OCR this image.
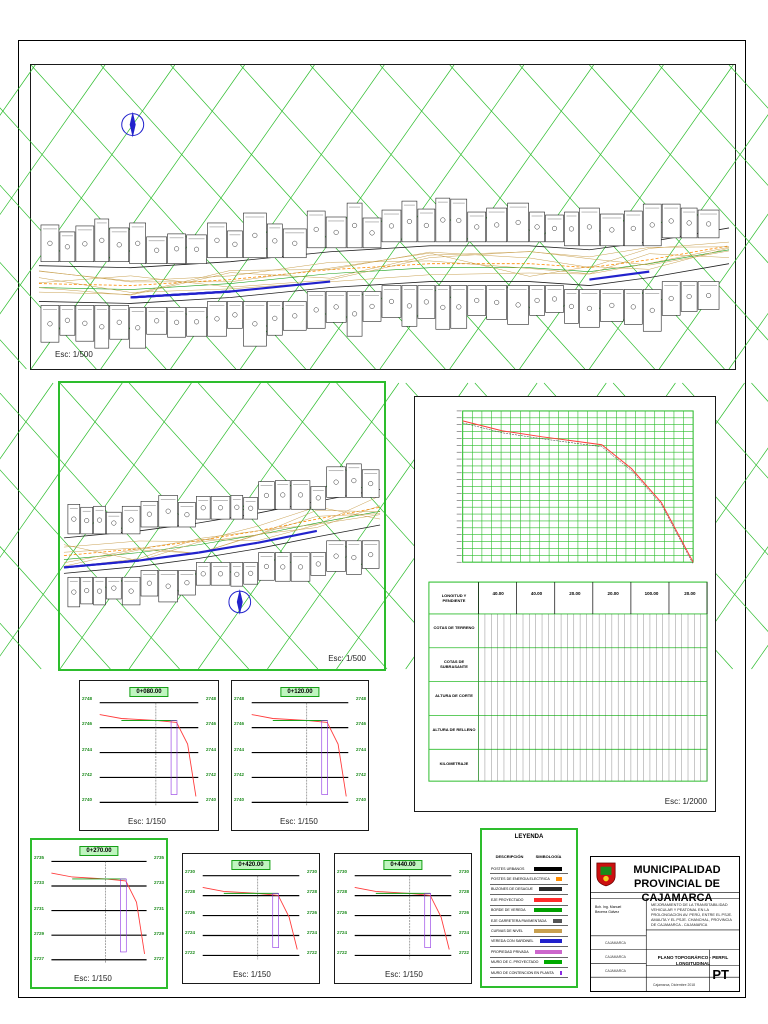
Esc: 1/500
Esc: 1/500
Esc: 1/2000
LONGITUD Y PENDIENTE
COTAS DE TERRENO
COTAS DE SUBRASANTE
ALTURA DE CORTE
ALTURA DE RELLENO
KILOMETRAJE
40.00	40.00	20.00	20.00	100.00	20.00
0+080.00
Esc: 1/150
2748	2748
2746	2746
2744	2744
2742	2742
2740	2740
0+120.00
Esc: 1/150
2748	2748
2746	2746
2744	2744
2742	2742
2740	2740
0+270.00
Esc: 1/150
2735	2735
2733	2733
2731	2731
2729	2729
2727	2727
0+420.00
Esc: 1/150
2730	2730
2728	2728
2726	2726
2724	2724
2722	2722
0+440.00
Esc: 1/150
2730	2730
2728	2728
2726	2726
2724	2724
2722	2722
LEYENDA
DESCRIPCIÓN	SIMBOLOGÍA
POSTES URBANOS
POSTES DE ENERGIA ELECTRICA
BUZONES DE DESAGUE
EJE PROYECTADO
BORDE DE VEREDA
EJE CARRETERA PAVIMENTADA
CURVAS DE NIVEL
VEREDA CON SARDINEL
PROPIEDAD PRIVADA
MURO DE C. PROYECTADO
MURO DE CONTENCION EN PLANTA
MUNICIPALIDAD PROVINCIAL DE CAJAMARCA
Bch. Ing. Manuel Becerra Gálvez
MEJORAMIENTO DE LA TRANSITABILIDAD VEHICULAR Y PEATONAL EN LA PROLONGACION AV. PERÚ, ENTRE EL PSJE. AMAUTA Y EL PSJE. CHANCHAL, PROVINCIA DE CAJAMARCA - CAJAMARCA
PLANO TOPOGRÁFICO - PERFIL LONGITUDINAL
PT
CAJAMARCA
CAJAMARCA
CAJAMARCA
Cajamarca, Diciembre 2018
